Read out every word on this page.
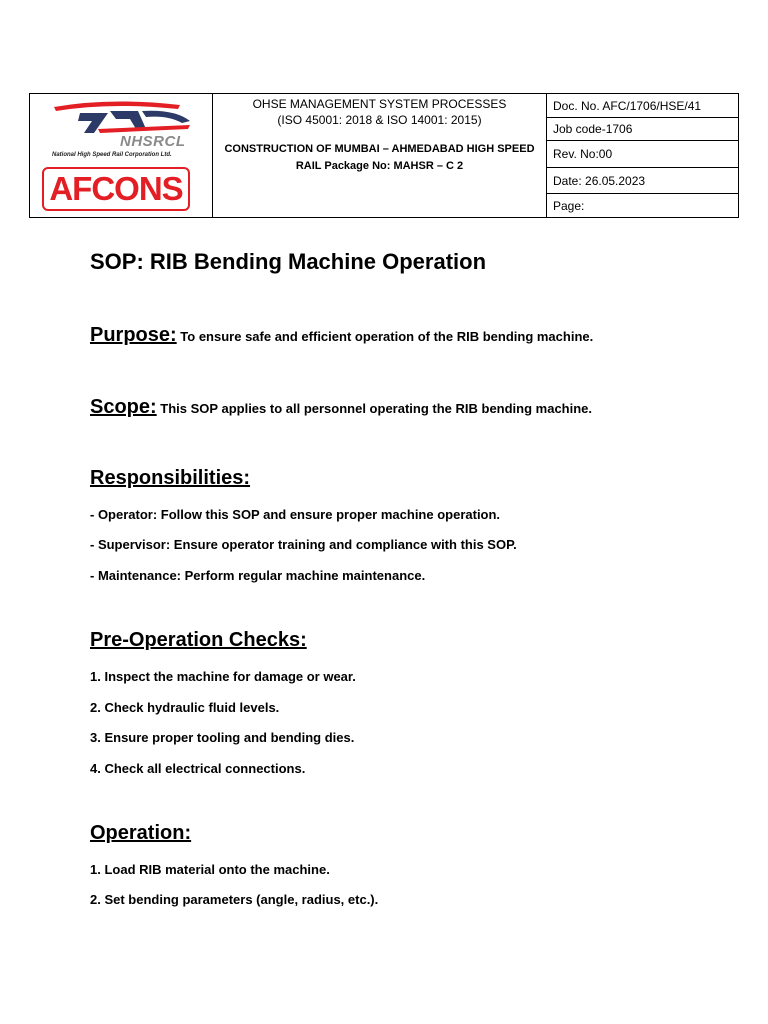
NHSRCL
National High Speed Rail Corporation Ltd.
AFCONS

OHSE MANAGEMENT SYSTEM PROCESSES
(ISO 45001: 2018 & ISO 14001: 2015)
CONSTRUCTION OF MUMBAI – AHMEDABAD HIGH SPEED
RAIL Package No: MAHSR – C 2
	Doc. No. AFC/1706/HSE/41
Job code-1706
Rev. No:00
Date: 26.05.2023
Page:
SOP: RIB Bending Machine Operation

Purpose: To ensure safe and efficient operation of the RIB bending machine.

Scope: This SOP applies to all personnel operating the RIB bending machine.

Responsibilities:

- Operator: Follow this SOP and ensure proper machine operation.

- Supervisor: Ensure operator training and compliance with this SOP.

- Maintenance: Perform regular machine maintenance.

Pre-Operation Checks:

1. Inspect the machine for damage or wear.

2. Check hydraulic fluid levels.

3. Ensure proper tooling and bending dies.

4. Check all electrical connections.

Operation:

1. Load RIB material onto the machine.

2. Set bending parameters (angle, radius, etc.).
